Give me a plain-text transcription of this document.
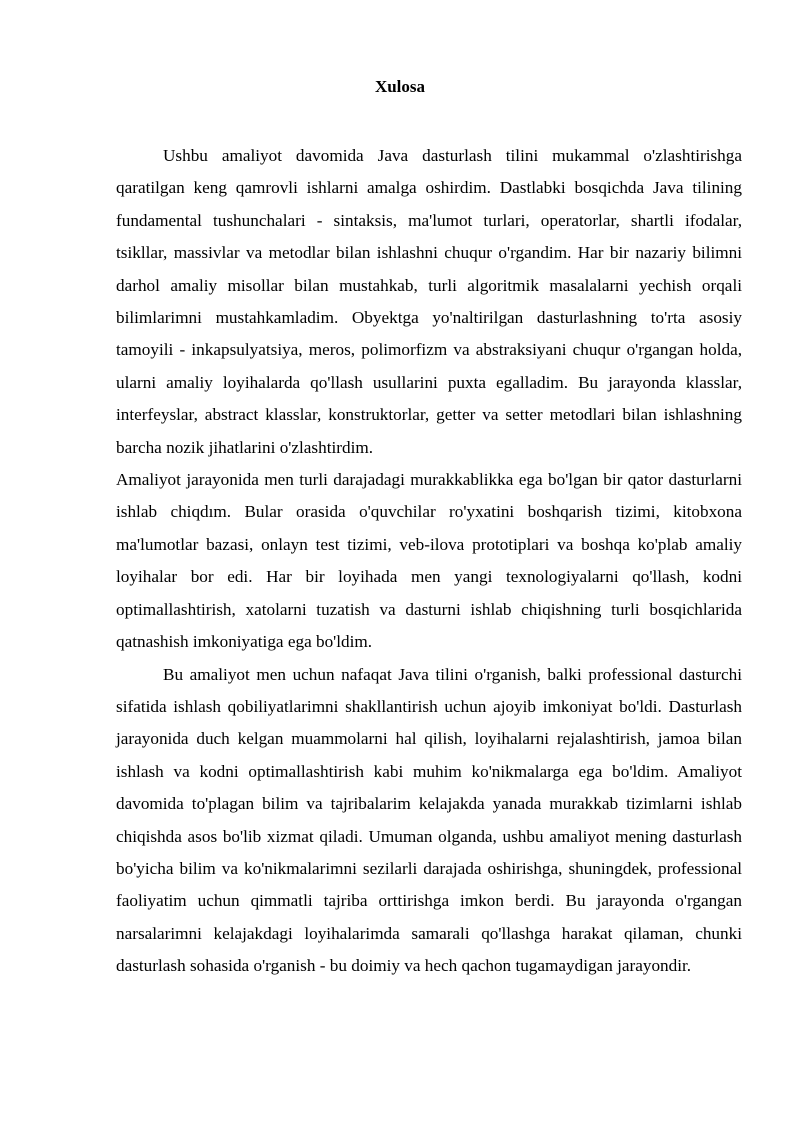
Xulosa

Ushbu amaliyot davomida Java dasturlash tilini mukammal o'zlashtirishga qaratilgan keng qamrovli ishlarni amalga oshirdim. Dastlabki bosqichda Java tilining fundamental tushunchalari - sintaksis, ma'lumot turlari, operatorlar, shartli ifodalar, tsikllar, massivlar va metodlar bilan ishlashni chuqur o'rgandim. Har bir nazariy bilimni darhol amaliy misollar bilan mustahkab, turli algoritmik masalalarni yechish orqali bilimlarimni mustahkamladim. Obyektga yo'naltirilgan dasturlashning to'rta asosiy tamoyili - inkapsulyatsiya, meros, polimorfizm va abstraksiyani chuqur o'rgangan holda, ularni amaliy loyihalarda qo'llash usullarini puxta egalladim. Bu jarayonda klasslar, interfeyslar, abstract klasslar, konstruktorlar, getter va setter metodlari bilan ishlashning barcha nozik jihatlarini o'zlashtirdim.

Amaliyot jarayonida men turli darajadagi murakkablikka ega bo'lgan bir qator dasturlarni ishlab chiqdım. Bular orasida o'quvchilar ro'yxatini boshqarish tizimi, kitobxona ma'lumotlar bazasi, onlayn test tizimi, veb-ilova prototiplari va boshqa ko'plab amaliy loyihalar bor edi. Har bir loyihada men yangi texnologiyalarni qo'llash, kodni optimallashtirish, xatolarni tuzatish va dasturni ishlab chiqishning turli bosqichlarida qatnashish imkoniyatiga ega bo'ldim.

Bu amaliyot men uchun nafaqat Java tilini o'rganish, balki professional dasturchi sifatida ishlash qobiliyatlarimni shakllantirish uchun ajoyib imkoniyat bo'ldi. Dasturlash jarayonida duch kelgan muammolarni hal qilish, loyihalarni rejalashtirish, jamoa bilan ishlash va kodni optimallashtirish kabi muhim ko'nikmalarga ega bo'ldim. Amaliyot davomida to'plagan bilim va tajribalarim kelajakda yanada murakkab tizimlarni ishlab chiqishda asos bo'lib xizmat qiladi. Umuman olganda, ushbu amaliyot mening dasturlash bo'yicha bilim va ko'nikmalarimni sezilarli darajada oshirishga, shuningdek, professional faoliyatim uchun qimmatli tajriba orttirishga imkon berdi. Bu jarayonda o'rgangan narsalarimni kelajakdagi loyihalarimda samarali qo'llashga harakat qilaman, chunki dasturlash sohasida o'rganish - bu doimiy va hech qachon tugamaydigan jarayondir.
